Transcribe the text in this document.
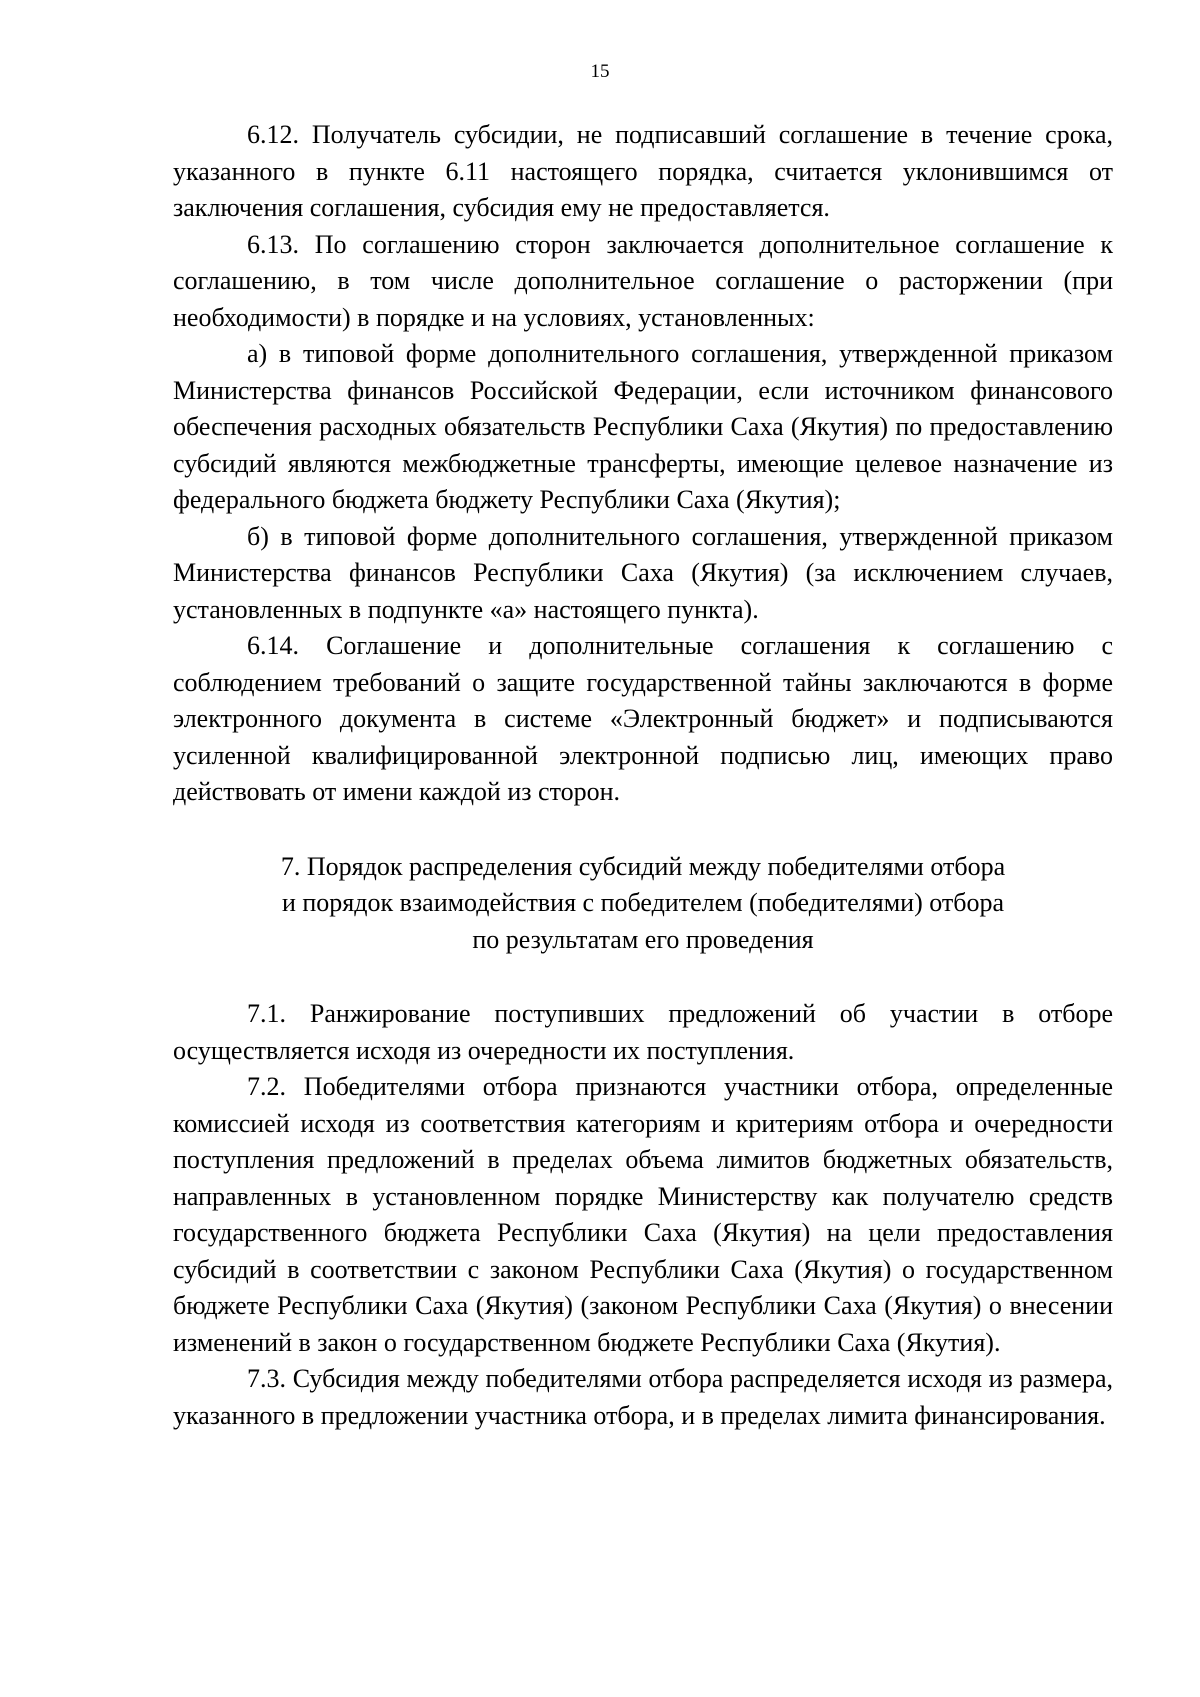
15

6.12. Получатель субсидии, не подписавший соглашение в течение срока, указанного в пункте 6.11 настоящего порядка, считается уклонившимся от заключения соглашения, субсидия ему не предоставляется.

6.13. По соглашению сторон заключается дополнительное соглашение к соглашению, в том числе дополнительное соглашение о расторжении (при необходимости) в порядке и на условиях, установленных:

а) в типовой форме дополнительного соглашения, утвержденной приказом Министерства финансов Российской Федерации, если источником финансового обеспечения расходных обязательств Республики Саха (Якутия) по предоставлению субсидий являются межбюджетные трансферты, имеющие целевое назначение из федерального бюджета бюджету Республики Саха (Якутия);

б) в типовой форме дополнительного соглашения, утвержденной приказом Министерства финансов Республики Саха (Якутия) (за исключением случаев, установленных в подпункте «а» настоящего пункта).

6.14. Соглашение и дополнительные соглашения к соглашению с соблюдением требований о защите государственной тайны заключаются в форме электронного документа в системе «Электронный бюджет» и подписываются усиленной квалифицированной электронной подписью лиц, имеющих право действовать от имени каждой из сторон.

7. Порядок распределения субсидий между победителями отбора
и порядок взаимодействия с победителем (победителями) отбора
по результатам его проведения

7.1. Ранжирование поступивших предложений об участии в отборе осуществляется исходя из очередности их поступления.

7.2. Победителями отбора признаются участники отбора, определенные комиссией исходя из соответствия категориям и критериям отбора и очередности поступления предложений в пределах объема лимитов бюджетных обязательств, направленных в установленном порядке Министерству как получателю средств государственного бюджета Республики Саха (Якутия) на цели предоставления субсидий в соответствии с законом Республики Саха (Якутия) о государственном бюджете Республики Саха (Якутия) (законом Республики Саха (Якутия) о внесении изменений в закон о государственном бюджете Республики Саха (Якутия).

7.3. Субсидия между победителями отбора распределяется исходя из размера, указанного в предложении участника отбора, и в пределах лимита финансирования.
